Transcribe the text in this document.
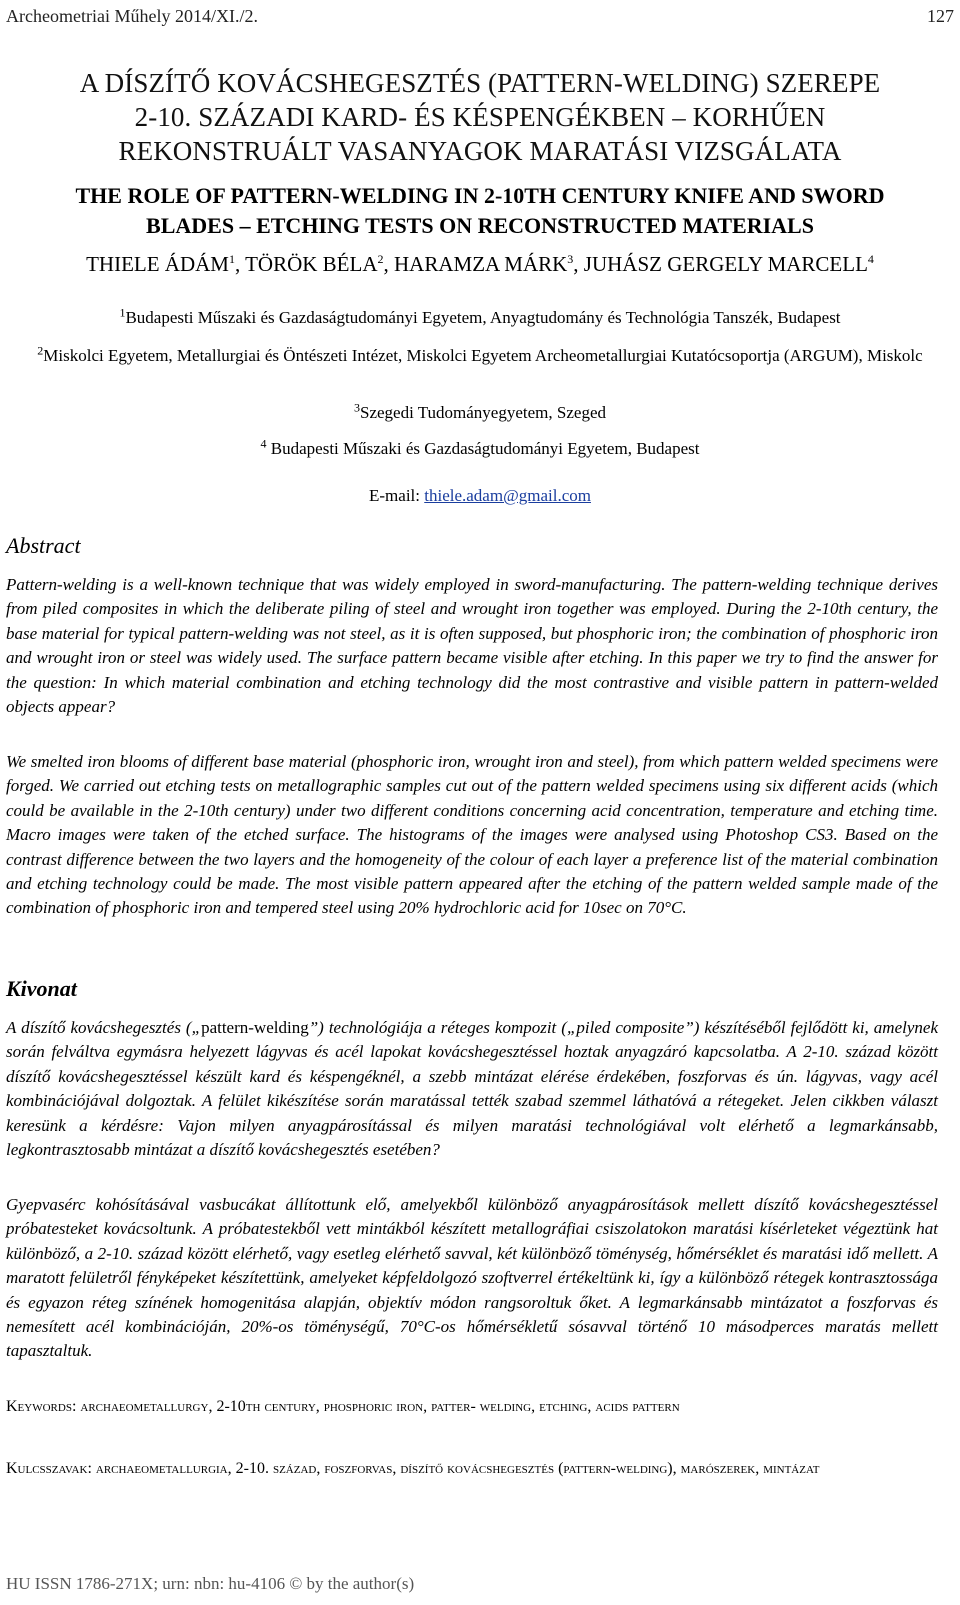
Archeometriai Műhely 2014/XI./2.	127
A DÍSZÍTŐ KOVÁCSHEGESZTÉS (PATTERN-WELDING) SZEREPE
2-10. SZÁZADI KARD- ÉS KÉSPENGÉKBEN – KORHŰEN
REKONSTRUÁLT VASANYAGOK MARATÁSI VIZSGÁLATA
THE ROLE OF PATTERN-WELDING IN 2-10TH CENTURY KNIFE AND SWORD
BLADES – ETCHING TESTS ON RECONSTRUCTED MATERIALS
THIELE ÁDÁM$^1$, TÖRÖK BÉLA$^2$, HARAMZA MÁRK$^3$, JUHÁSZ GERGELY MARCELL$^4$
$^1$Budapesti Műszaki és Gazdaságtudományi Egyetem, Anyagtudomány és Technológia Tanszék, Budapest
$^2$Miskolci Egyetem, Metallurgiai és Öntészeti Intézet, Miskolci Egyetem Archeometallurgiai Kutatócsoportja (ARGUM), Miskolc
$^3$Szegedi Tudományegyetem, Szeged
$^4$ Budapesti Műszaki és Gazdaságtudományi Egyetem, Budapest
E-mail: thiele.adam@gmail.com
Abstract
Pattern-welding is a well-known technique that was widely employed in sword-manufacturing. The pattern-welding technique derives from piled composites in which the deliberate piling of steel and wrought iron together was employed. During the 2-10th century, the base material for typical pattern-welding was not steel, as it is often supposed, but phosphoric iron; the combination of phosphoric iron and wrought iron or steel was widely used. The surface pattern became visible after etching. In this paper we try to find the answer for the question: In which material combination and etching technology did the most contrastive and visible pattern in pattern-welded objects appear?
We smelted iron blooms of different base material (phosphoric iron, wrought iron and steel), from which pattern welded specimens were forged. We carried out etching tests on metallographic samples cut out of the pattern welded specimens using six different acids (which could be available in the 2-10th century) under two different conditions concerning acid concentration, temperature and etching time. Macro images were taken of the etched surface. The histograms of the images were analysed using Photoshop CS3. Based on the contrast difference between the two layers and the homogeneity of the colour of each layer a preference list of the material combination and etching technology could be made. The most visible pattern appeared after the etching of the pattern welded sample made of the combination of phosphoric iron and tempered steel using 20% hydrochloric acid for 10sec on 70°C.
Kivonat
A díszítő kovácshegesztés („pattern-welding”) technológiája a réteges kompozit („piled composite”) készítéséből fejlődött ki, amelynek során felváltva egymásra helyezett lágyvas és acél lapokat kovácshegesztéssel hoztak anyagzáró kapcsolatba. A 2-10. század között díszítő kovácshegesztéssel készült kard és késpengéknél, a szebb mintázat elérése érdekében, foszforvas és ún. lágyvas, vagy acél kombinációjával dolgoztak. A felület kikészítése során maratással tették szabad szemmel láthatóvá a rétegeket. Jelen cikkben választ keresünk a kérdésre: Vajon milyen anyagpárosítással és milyen maratási technológiával volt elérhető a legmarkánsabb, legkontrasztosabb mintázat a díszítő kovácshegesztés esetében?
Gyepvasérc kohósításával vasbucákat állítottunk elő, amelyekből különböző anyagpárosítások mellett díszítő kovácshegesztéssel próbatesteket kovácsoltunk. A próbatestekből vett mintákból készített metallográfiai csiszolatokon maratási kísérleteket végeztünk hat különböző, a 2-10. század között elérhető, vagy esetleg elérhető savval, két különböző töménység, hőmérséklet és maratási idő mellett. A maratott felületről fényképeket készítettünk, amelyeket képfeldolgozó szoftverrel értékeltünk ki, így a különböző rétegek kontrasztossága és egyazon réteg színének homogenitása alapján, objektív módon rangsoroltuk őket. A legmarkánsabb mintázatot a foszforvas és nemesített acél kombinációján, 20%-os töménységű, 70°C-os hőmérsékletű sósavval történő 10 másodperces maratás mellett tapasztaltuk.
Keywords: archaeometallurgy, 2-10th century, phosphoric iron, patter- welding, etching, acids pattern
Kulcsszavak: archaeometallurgia, 2-10. század, foszforvas, díszítő kovácshegesztés (pattern-welding), marószerek, mintázat
HU ISSN 1786-271X; urn: nbn: hu-4106 © by the author(s)
